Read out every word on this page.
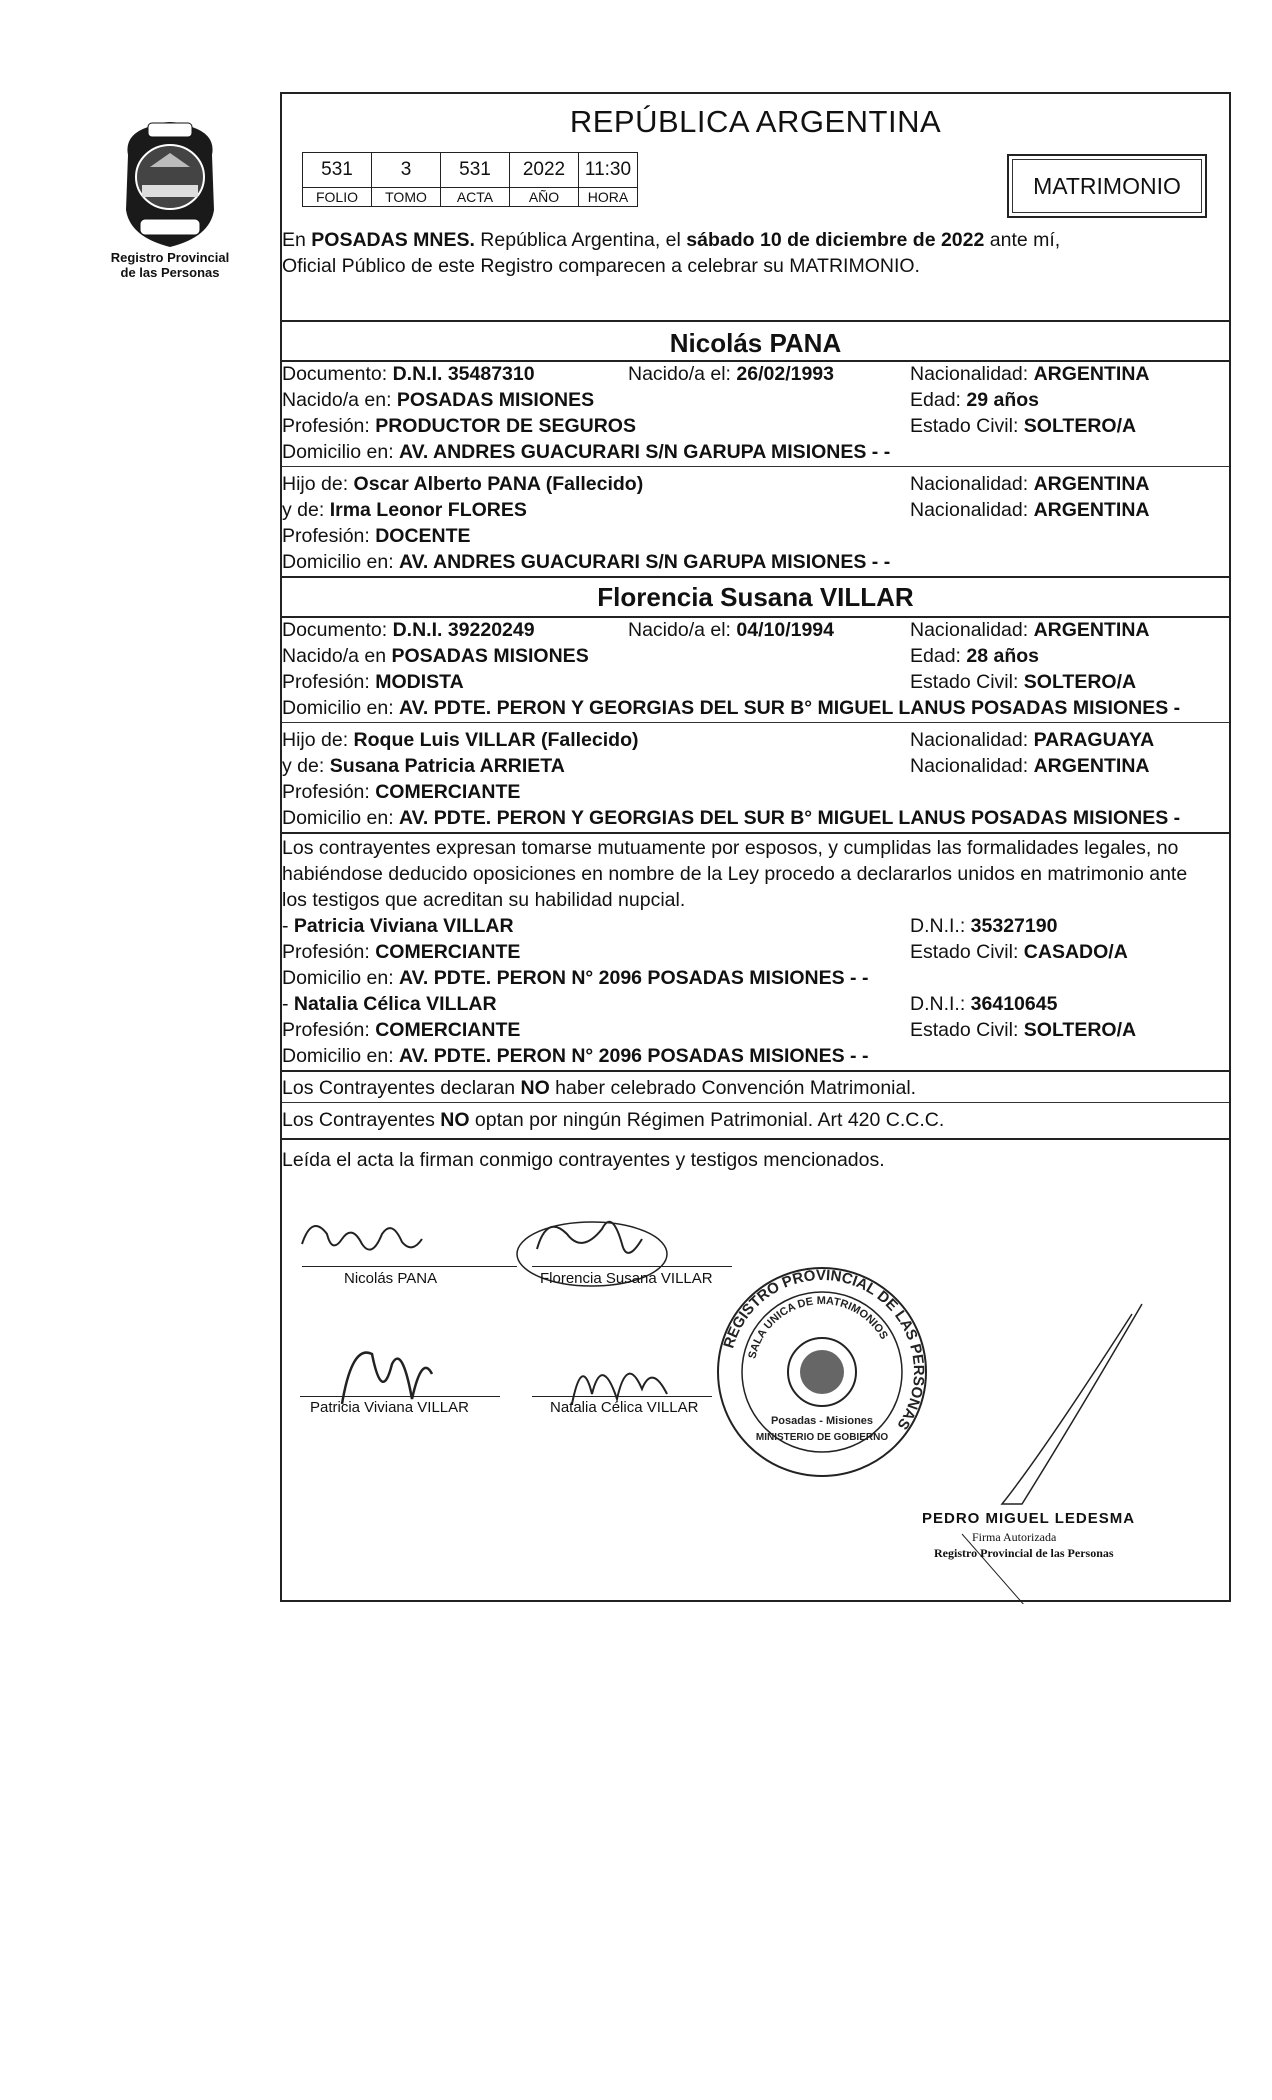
Registro Provincial
de las Personas
REPÚBLICA ARGENTINA
531	3	531	2022	11:30
FOLIO	TOMO	ACTA	AÑO	HORA	MATRIMONIO
En POSADAS MNES. República Argentina, el sábado 10 de diciembre de 2022 ante mí,
Oficial Público de este Registro comparecen a celebrar su MATRIMONIO.
Nicolás PANA
Documento: D.N.I. 35487310	Nacido/a el: 26/02/1993	Nacionalidad: ARGENTINA
Nacido/a en: POSADAS MISIONES	Edad: 29 años
Profesión: PRODUCTOR DE SEGUROS	Estado Civil: SOLTERO/A
Domicilio en: AV. ANDRES GUACURARI S/N GARUPA MISIONES - -
Hijo de: Oscar Alberto PANA (Fallecido)	Nacionalidad: ARGENTINA
y de: Irma Leonor FLORES	Nacionalidad: ARGENTINA
Profesión: DOCENTE
Domicilio en: AV. ANDRES GUACURARI S/N GARUPA MISIONES - -
Florencia Susana VILLAR
Documento: D.N.I. 39220249	Nacido/a el: 04/10/1994	Nacionalidad: ARGENTINA
Nacido/a en POSADAS MISIONES	Edad: 28 años
Profesión: MODISTA	Estado Civil: SOLTERO/A
Domicilio en: AV. PDTE. PERON Y GEORGIAS DEL SUR B° MIGUEL LANUS POSADAS MISIONES -
Hijo de: Roque Luis VILLAR (Fallecido)	Nacionalidad: PARAGUAYA
y de: Susana Patricia ARRIETA	Nacionalidad: ARGENTINA
Profesión: COMERCIANTE
Domicilio en: AV. PDTE. PERON Y GEORGIAS DEL SUR B° MIGUEL LANUS POSADAS MISIONES -
Los contrayentes expresan tomarse mutuamente por esposos, y cumplidas las formalidades legales, no
habiéndose deducido oposiciones en nombre de la Ley procedo a declararlos unidos en matrimonio ante
los testigos que acreditan su habilidad nupcial.
- Patricia Viviana VILLAR	D.N.I.: 35327190
Profesión: COMERCIANTE	Estado Civil: CASADO/A
Domicilio en: AV. PDTE. PERON N° 2096 POSADAS MISIONES - -
- Natalia Célica VILLAR	D.N.I.: 36410645
Profesión: COMERCIANTE	Estado Civil: SOLTERO/A
Domicilio en: AV. PDTE. PERON N° 2096 POSADAS MISIONES - -
Los Contrayentes declaran NO haber celebrado Convención Matrimonial.
Los Contrayentes NO optan por ningún Régimen Patrimonial. Art 420 C.C.C.
Leída el acta la firman conmigo contrayentes y testigos mencionados.
Nicolás PANA	Florencia Susana VILLAR
Patricia Viviana VILLAR	Natalia Célica VILLAR
REGISTRO PROVINCIAL DE LAS PERSONAS
SALA UNICA DE MATRIMONIOS
MINISTERIO DE GOBIERNO
Posadas - Misiones
PEDRO MIGUEL LEDESMA
Firma Autorizada
Registro Provincial de las Personas
